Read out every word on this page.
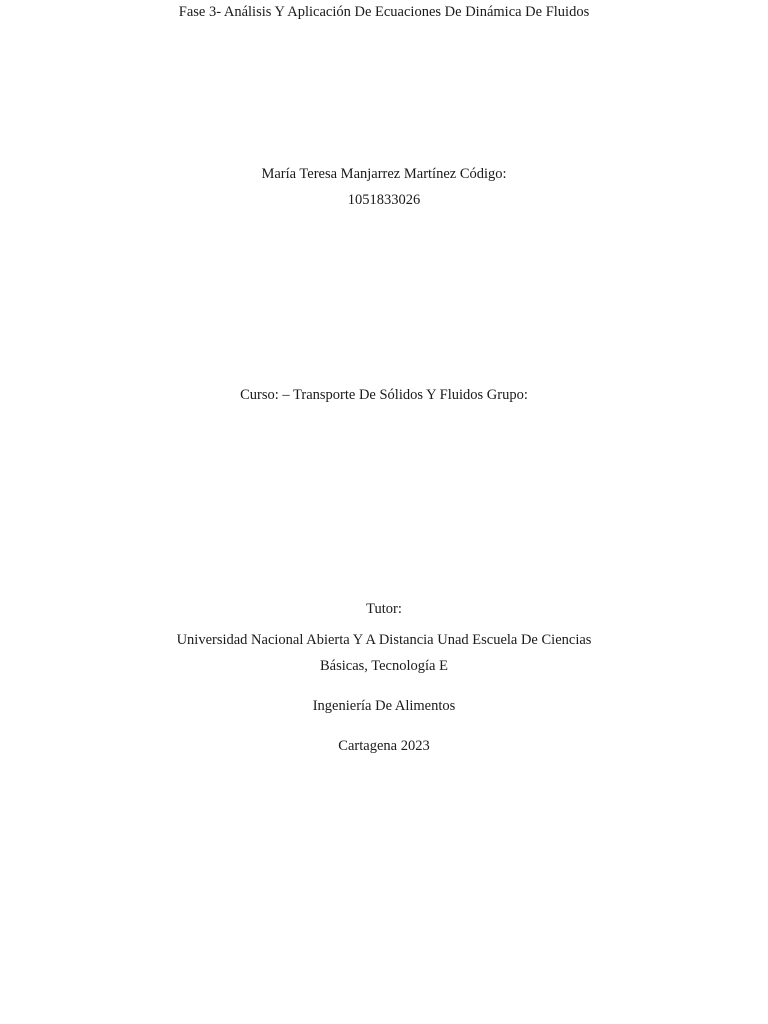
Fase 3- Análisis Y Aplicación De Ecuaciones De Dinámica De Fluidos
María Teresa Manjarrez Martínez Código:
1051833026
Curso: – Transporte De Sólidos Y Fluidos Grupo:
Tutor:
Universidad Nacional Abierta Y A Distancia Unad Escuela De Ciencias
Básicas, Tecnología E
Ingeniería De Alimentos
Cartagena 2023
